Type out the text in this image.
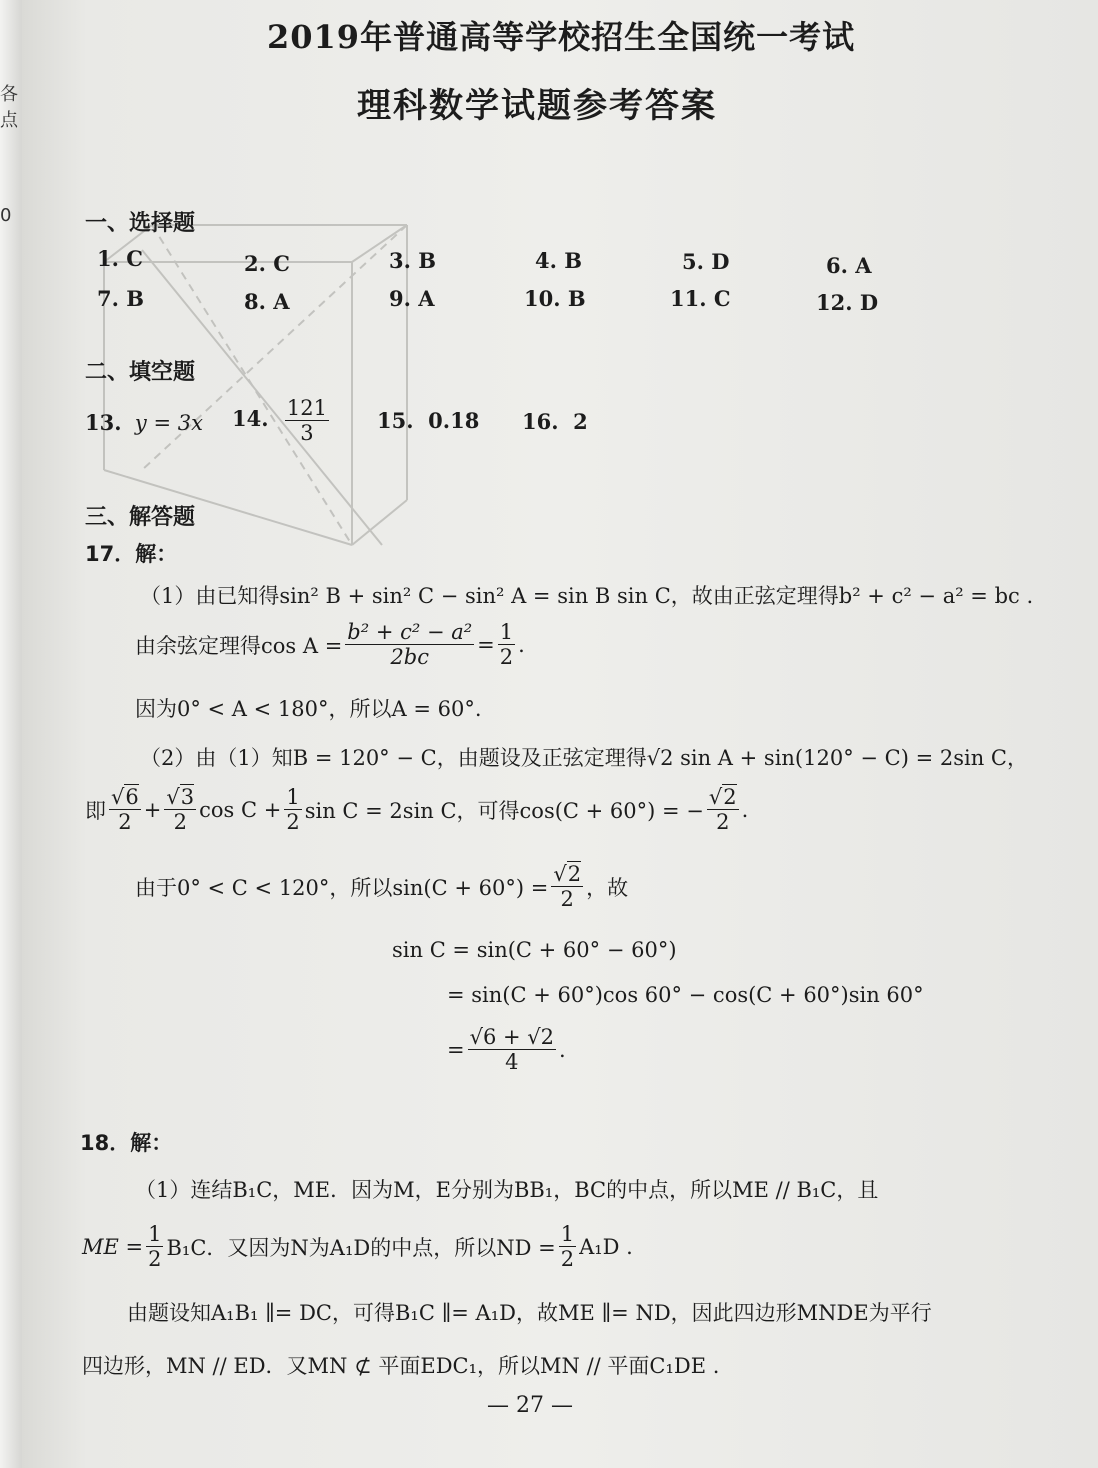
各点
0
2019年普通高等学校招生全国统一考试
理科数学试题参考答案
一、选择题
1. C	2. C	3. B	4. B	5. D	6. A
7. B	8. A	9. A	10. B	11. C	12. D
二、填空题
13. y = 3x 14. $\frac{121}{3} 15$. 0.18 16. 2
三、解答题
17．解：
（1）由已知得sin² B + sin² C − sin² A = sin B sin C，故由正弦定理得b² + c² − a² = bc .
由余弦定理得$\cos A = \frac{\text{b² + c² − a²}}{2bc} = \frac{1}{2}$ .
因为0° < A < 180°，所以A = 60°.
（2）由（1）知B = 120° − C，由题设及正弦定理得√2 sin A + sin(120° − C) = 2sin C，
即 $\frac{√6}{2} + \frac{√3}{2}$ $\cos C + \frac{1}{2}$ sin C = 2sin C，可得cos(C + 60°) = − $\frac{√2}{2}$ .
由于0° < C < 120°，所以$\sin(C + 60^\circ) = \frac{√2}{2}$ ，故
sin C = sin(C + 60° − 60°)
= sin(C + 60°)cos 60° − cos(C + 60°)sin 60°
= $\frac{√6 + √2}{4}$ .
18．解：
（1）连结B₁C，ME．因为M，E分别为BB₁，BC的中点，所以ME // B₁C，且
ME = $\frac{1}{2} B_1C$．又因为N为A₁D的中点，所以ND = $\frac{1}{2} A_1D$ .
由题设知A₁B₁ ∥= DC，可得B₁C ∥= A₁D，故ME ∥= ND，因此四边形MNDE为平行
四边形，MN // ED．又MN ⊄ 平面EDC₁，所以MN // 平面C₁DE .
— 27 —
